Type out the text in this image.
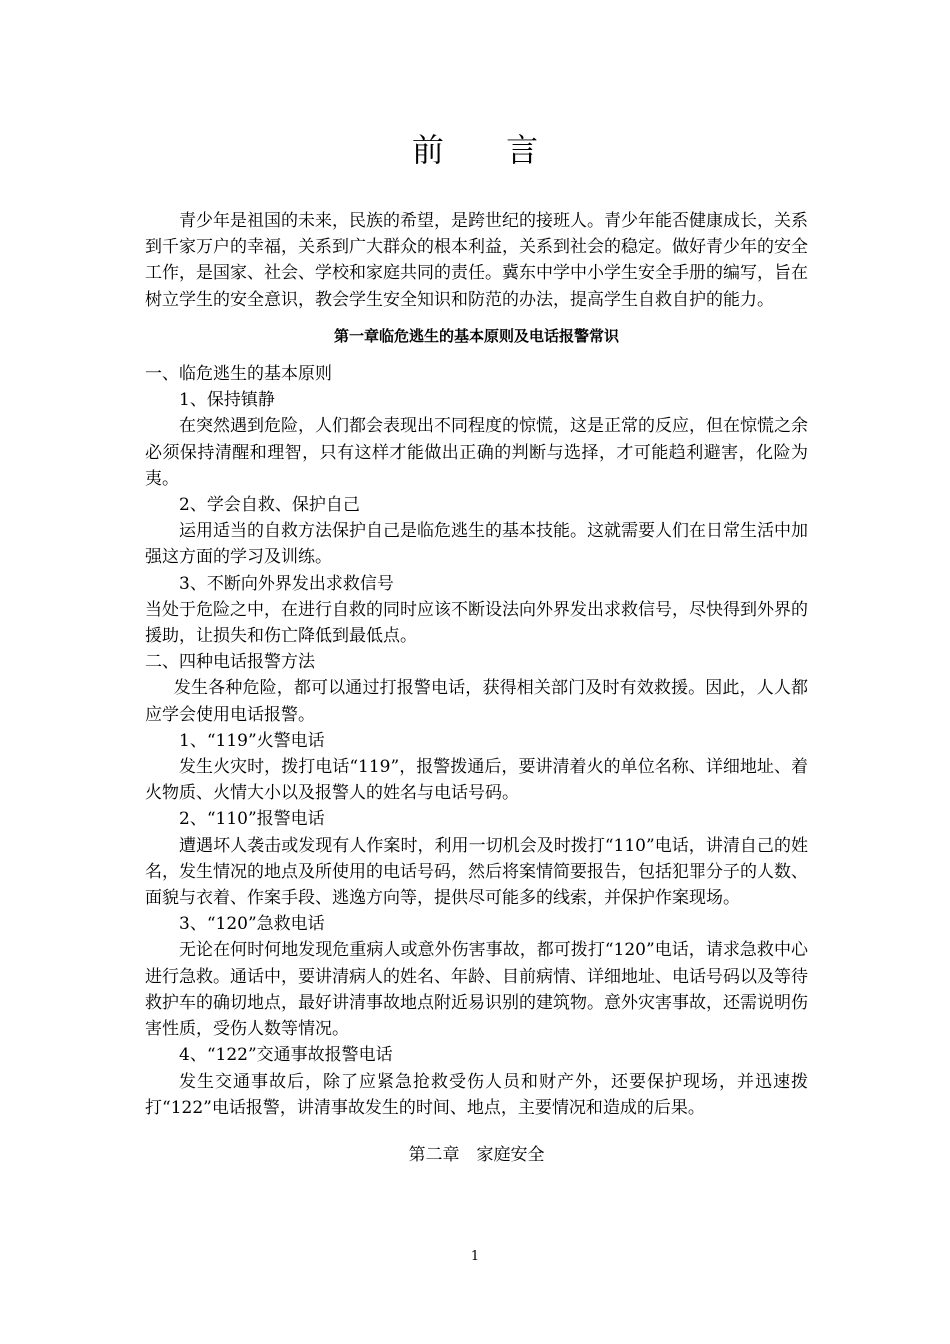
前 言

青少年是祖国的未来，民族的希望，是跨世纪的接班人。青少年能否健康成长，关系到千家万户的幸福，关系到广大群众的根本利益，关系到社会的稳定。做好青少年的安全工作，是国家、社会、学校和家庭共同的责任。冀东中学中小学生安全手册的编写，旨在树立学生的安全意识，教会学生安全知识和防范的办法，提高学生自救自护的能力。

第一章临危逃生的基本原则及电话报警常识

一、临危逃生的基本原则

1、保持镇静

在突然遇到危险，人们都会表现出不同程度的惊慌，这是正常的反应，但在惊慌之余必须保持清醒和理智，只有这样才能做出正确的判断与选择，才可能趋利避害，化险为夷。

2、学会自救、保护自己

运用适当的自救方法保护自己是临危逃生的基本技能。这就需要人们在日常生活中加强这方面的学习及训练。

3、不断向外界发出求救信号

当处于危险之中，在进行自救的同时应该不断设法向外界发出求救信号，尽快得到外界的援助，让损失和伤亡降低到最低点。

二、四种电话报警方法

发生各种危险，都可以通过打报警电话，获得相关部门及时有效救援。因此，人人都应学会使用电话报警。

1、“119”火警电话

发生火灾时，拨打电话“119”，报警拨通后，要讲清着火的单位名称、详细地址、着火物质、火情大小以及报警人的姓名与电话号码。

2、“110”报警电话

遭遇坏人袭击或发现有人作案时，利用一切机会及时拨打“110”电话，讲清自己的姓名，发生情况的地点及所使用的电话号码，然后将案情简要报告，包括犯罪分子的人数、面貌与衣着、作案手段、逃逸方向等，提供尽可能多的线索，并保护作案现场。

3、“120”急救电话

无论在何时何地发现危重病人或意外伤害事故，都可拨打“120”电话，请求急救中心进行急救。通话中，要讲清病人的姓名、年龄、目前病情、详细地址、电话号码以及等待救护车的确切地点，最好讲清事故地点附近易识别的建筑物。意外灾害事故，还需说明伤害性质，受伤人数等情况。

4、“122”交通事故报警电话

发生交通事故后，除了应紧急抢救受伤人员和财产外，还要保护现场，并迅速拨打“122”电话报警，讲清事故发生的时间、地点，主要情况和造成的后果。

第二章　家庭安全

1
